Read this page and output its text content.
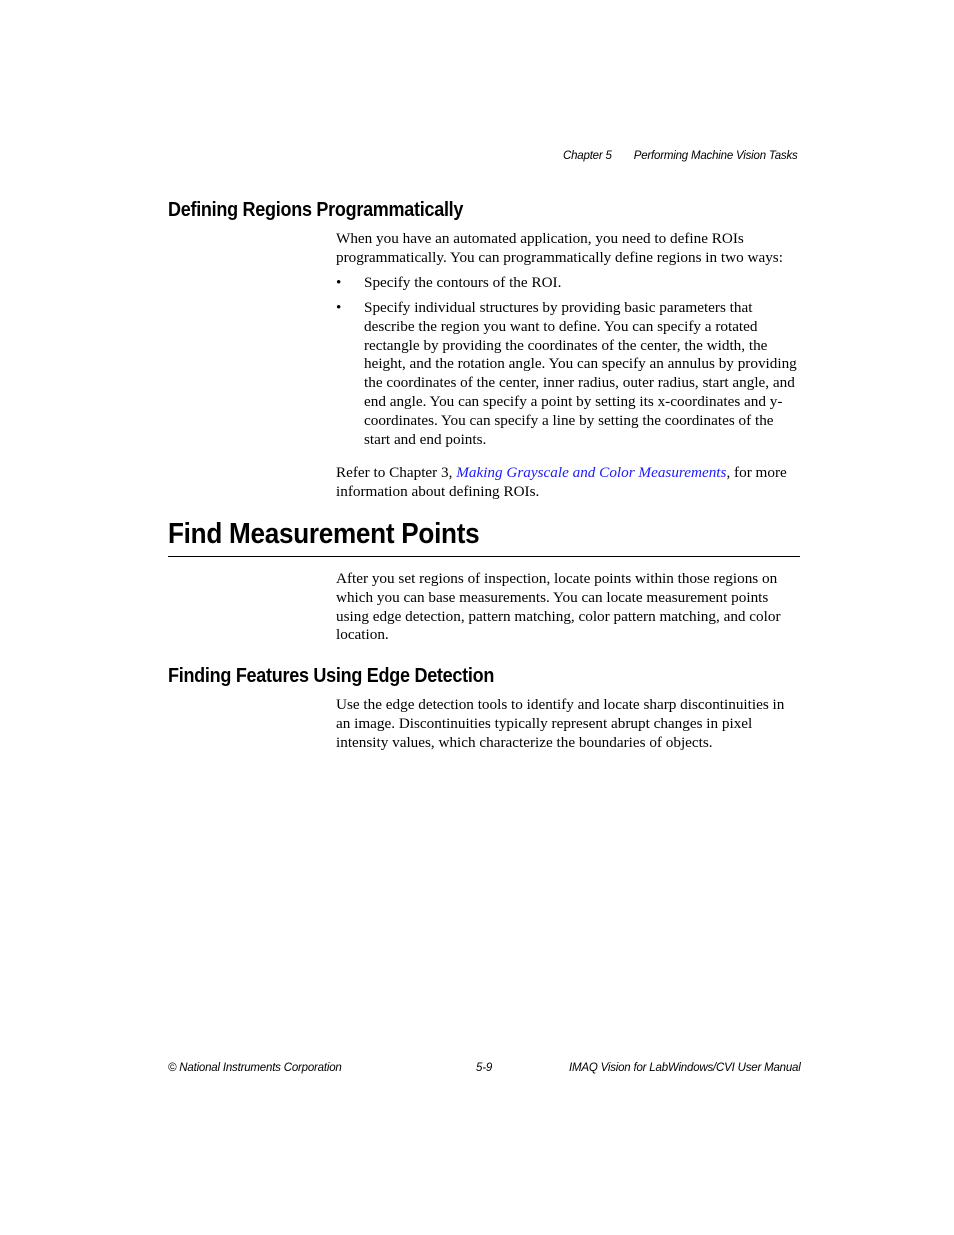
Chapter 5 Performing Machine Vision Tasks
Defining Regions Programmatically

When you have an automated application, you need to define ROIs programmatically. You can programmatically define regions in two ways:

• Specify the contours of the ROI.
• Specify individual structures by providing basic parameters that describe the region you want to define. You can specify a rotated rectangle by providing the coordinates of the center, the width, the height, and the rotation angle. You can specify an annulus by providing the coordinates of the center, inner radius, outer radius, start angle, and end angle. You can specify a point by setting its x-coordinates and y-coordinates. You can specify a line by setting the coordinates of the start and end points.

Refer to Chapter 3, Making Grayscale and Color Measurements, for more information about defining ROIs.

Find Measurement Points

After you set regions of inspection, locate points within those regions on which you can base measurements. You can locate measurement points using edge detection, pattern matching, color pattern matching, and color location.

Finding Features Using Edge Detection

Use the edge detection tools to identify and locate sharp discontinuities in an image. Discontinuities typically represent abrupt changes in pixel intensity values, which characterize the boundaries of objects.

© National Instruments Corporation	5-9	IMAQ Vision for LabWindows/CVI User Manual
